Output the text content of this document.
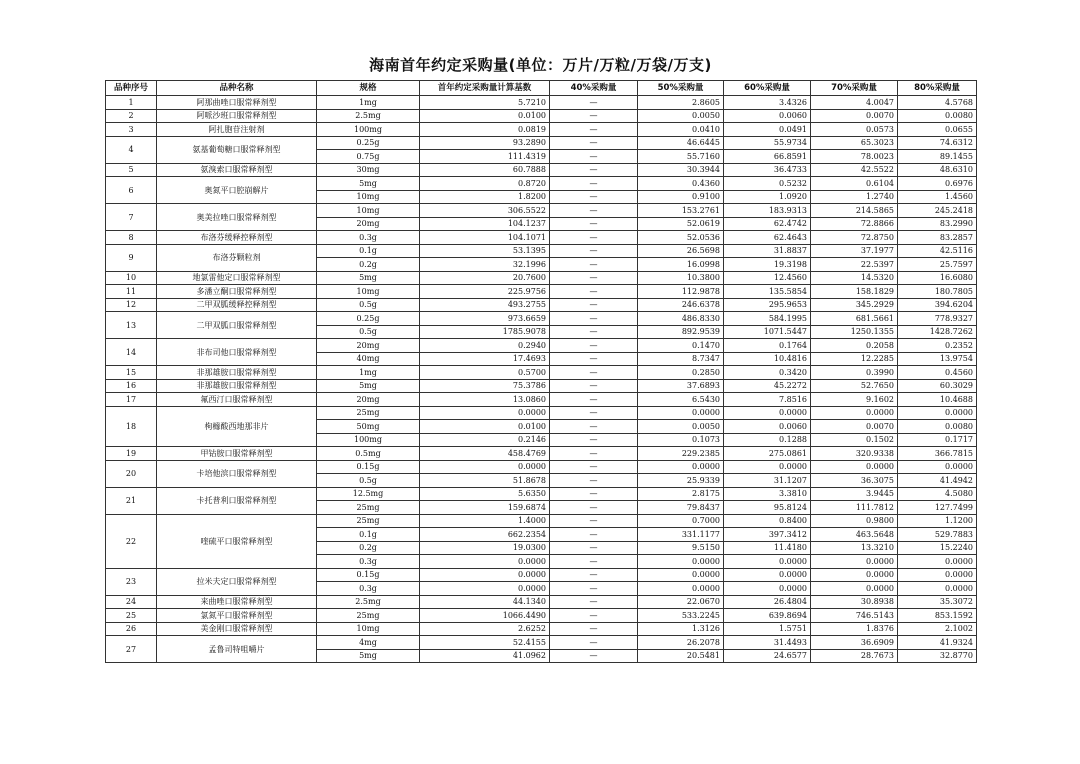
海南首年约定采购量(单位：万片/万粒/万袋/万支)
品种序号	品种名称	规格	首年约定采购量计算基数	40%采购量	50%采购量	60%采购量	70%采购量	80%采购量
1	阿那曲唑口服常释剂型	1mg	5.7210	—	2.8605	3.4326	4.0047	4.5768
2	阿哌沙班口服常释剂型	2.5mg	0.0100	—	0.0050	0.0060	0.0070	0.0080
3	阿扎胞苷注射剂	100mg	0.0819	—	0.0410	0.0491	0.0573	0.0655
4	氨基葡萄糖口服常释剂型	0.25g	93.2890	—	46.6445	55.9734	65.3023	74.6312
		0.75g	111.4319	—	55.7160	66.8591	78.0023	89.1455
5	氨溴索口服常释剂型	30mg	60.7888	—	30.3944	36.4733	42.5522	48.6310
6	奥氮平口腔崩解片	5mg	0.8720	—	0.4360	0.5232	0.6104	0.6976
		10mg	1.8200	—	0.9100	1.0920	1.2740	1.4560
7	奥美拉唑口服常释剂型	10mg	306.5522	—	153.2761	183.9313	214.5865	245.2418
		20mg	104.1237	—	52.0619	62.4742	72.8866	83.2990
8	布洛芬缓释控释剂型	0.3g	104.1071	—	52.0536	62.4643	72.8750	83.2857
9	布洛芬颗粒剂	0.1g	53.1395	—	26.5698	31.8837	37.1977	42.5116
		0.2g	32.1996	—	16.0998	19.3198	22.5397	25.7597
10	地氯雷他定口服常释剂型	5mg	20.7600	—	10.3800	12.4560	14.5320	16.6080
11	多潘立酮口服常释剂型	10mg	225.9756	—	112.9878	135.5854	158.1829	180.7805
12	二甲双胍缓释控释剂型	0.5g	493.2755	—	246.6378	295.9653	345.2929	394.6204
13	二甲双胍口服常释剂型	0.25g	973.6659	—	486.8330	584.1995	681.5661	778.9327
		0.5g	1785.9078	—	892.9539	1071.5447	1250.1355	1428.7262
14	非布司他口服常释剂型	20mg	0.2940	—	0.1470	0.1764	0.2058	0.2352
		40mg	17.4693	—	8.7347	10.4816	12.2285	13.9754
15	非那雄胺口服常释剂型	1mg	0.5700	—	0.2850	0.3420	0.3990	0.4560
16	非那雄胺口服常释剂型	5mg	75.3786	—	37.6893	45.2272	52.7650	60.3029
17	氟西汀口服常释剂型	20mg	13.0860	—	6.5430	7.8516	9.1602	10.4688
18	枸橼酸西地那非片	25mg	0.0000	—	0.0000	0.0000	0.0000	0.0000
		50mg	0.0100	—	0.0050	0.0060	0.0070	0.0080
		100mg	0.2146	—	0.1073	0.1288	0.1502	0.1717
19	甲钴胺口服常释剂型	0.5mg	458.4769	—	229.2385	275.0861	320.9338	366.7815
20	卡培他滨口服常释剂型	0.15g	0.0000	—	0.0000	0.0000	0.0000	0.0000
		0.5g	51.8678	—	25.9339	31.1207	36.3075	41.4942
21	卡托普利口服常释剂型	12.5mg	5.6350	—	2.8175	3.3810	3.9445	4.5080
		25mg	159.6874	—	79.8437	95.8124	111.7812	127.7499
22	喹硫平口服常释剂型	25mg	1.4000	—	0.7000	0.8400	0.9800	1.1200
		0.1g	662.2354	—	331.1177	397.3412	463.5648	529.7883
		0.2g	19.0300	—	9.5150	11.4180	13.3210	15.2240
		0.3g	0.0000	—	0.0000	0.0000	0.0000	0.0000
23	拉米夫定口服常释剂型	0.15g	0.0000	—	0.0000	0.0000	0.0000	0.0000
		0.3g	0.0000	—	0.0000	0.0000	0.0000	0.0000
24	来曲唑口服常释剂型	2.5mg	44.1340	—	22.0670	26.4804	30.8938	35.3072
25	氯氮平口服常释剂型	25mg	1066.4490	—	533.2245	639.8694	746.5143	853.1592
26	美金刚口服常释剂型	10mg	2.6252	—	1.3126	1.5751	1.8376	2.1002
27	孟鲁司特咀嚼片	4mg	52.4155	—	26.2078	31.4493	36.6909	41.9324
		5mg	41.0962	—	20.5481	24.6577	28.7673	32.8770
